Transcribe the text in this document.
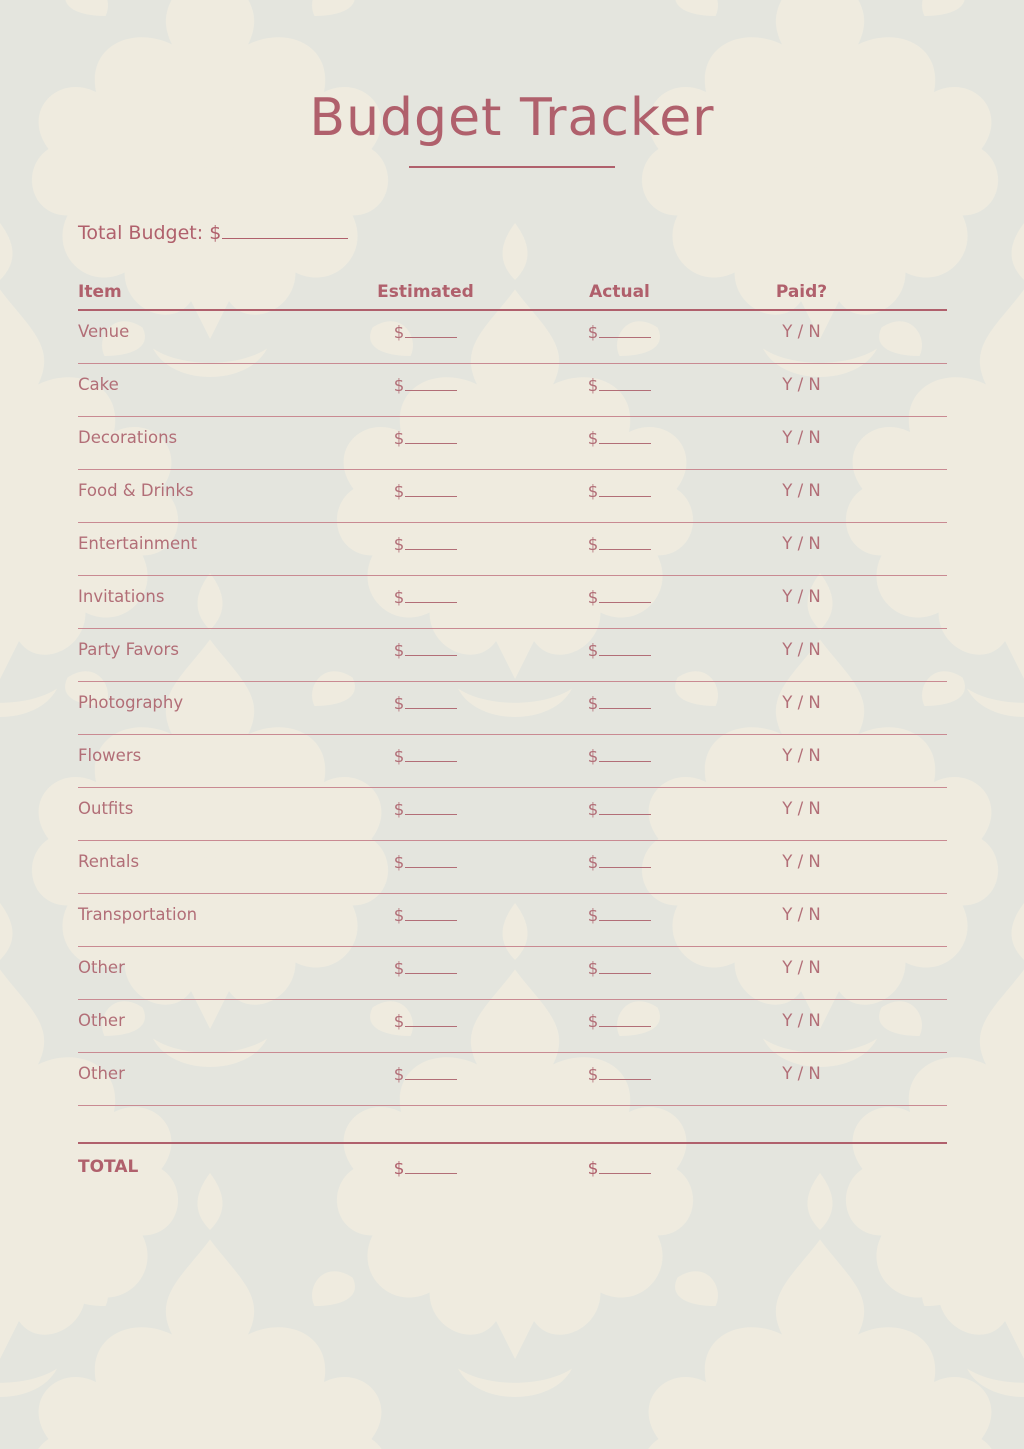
Budget Tracker
Total Budget: $
Item	Estimated	Actual	Paid?
Venue	$	$	Y / N
Cake	$	$	Y / N
Decorations	$	$	Y / N
Food & Drinks	$	$	Y / N
Entertainment	$	$	Y / N
Invitations	$	$	Y / N
Party Favors	$	$	Y / N
Photography	$	$	Y / N
Flowers	$	$	Y / N
Outfits	$	$	Y / N
Rentals	$	$	Y / N
Transportation	$	$	Y / N
Other	$	$	Y / N
Other	$	$	Y / N
Other	$	$	Y / N
TOTAL	$	$
